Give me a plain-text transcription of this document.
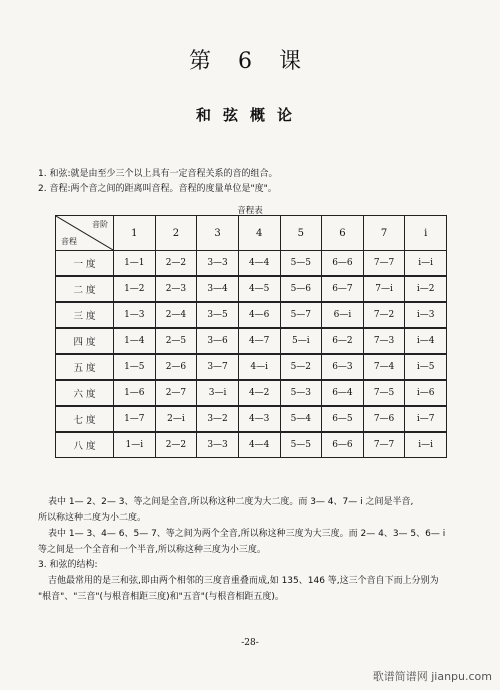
第 6 课
和弦概论
1. 和弦:就是由至少三个以上具有一定音程关系的音的组合。
2. 音程:两个音之间的距离叫音程。音程的度量单位是"度"。
音程表
音阶
音程	1	2	3	4	5	6	7	i
一 度	1—1	2—2	3—3	4—4	5—5	6—6	7—7	i—i
二 度	1—2	2—3	3—4	4—5	5—6	6—7	7—i	i—2
三 度	1—3	2—4	3—5	4—6	5—7	6—i	7—2	i—3
四 度	1—4	2—5	3—6	4—7	5—i	6—2	7—3	i—4
五 度	1—5	2—6	3—7	4—i	5—2	6—3	7—4	i—5
六 度	1—6	2—7	3—i	4—2	5—3	6—4	7—5	i—6
七 度	1—7	2—i	3—2	4—3	5—4	6—5	7—6	i—7
八 度	1—i	2—2	3—3	4—4	5—5	6—6	7—7	i—i
表中 1— 2、2— 3、等之间是全音,所以称这种二度为大二度。而 3— 4、7— i 之间是半音,
所以称这种二度为小二度。
表中 1— 3、4— 6、5— 7、等之间为两个全音,所以称这种三度为大三度。而 2— 4、3— 5、6— i
等之间是一个全音和一个半音,所以称这种三度为小三度。
3. 和弦的结构:
吉他最常用的是三和弦,即由两个相邻的三度音重叠而成,如 135、146 等,这三个音自下而上分别为
"根音"、"三音"(与根音相距三度)和"五音"(与根音相距五度)。
-28-
歌谱简谱网 jianpu.com
